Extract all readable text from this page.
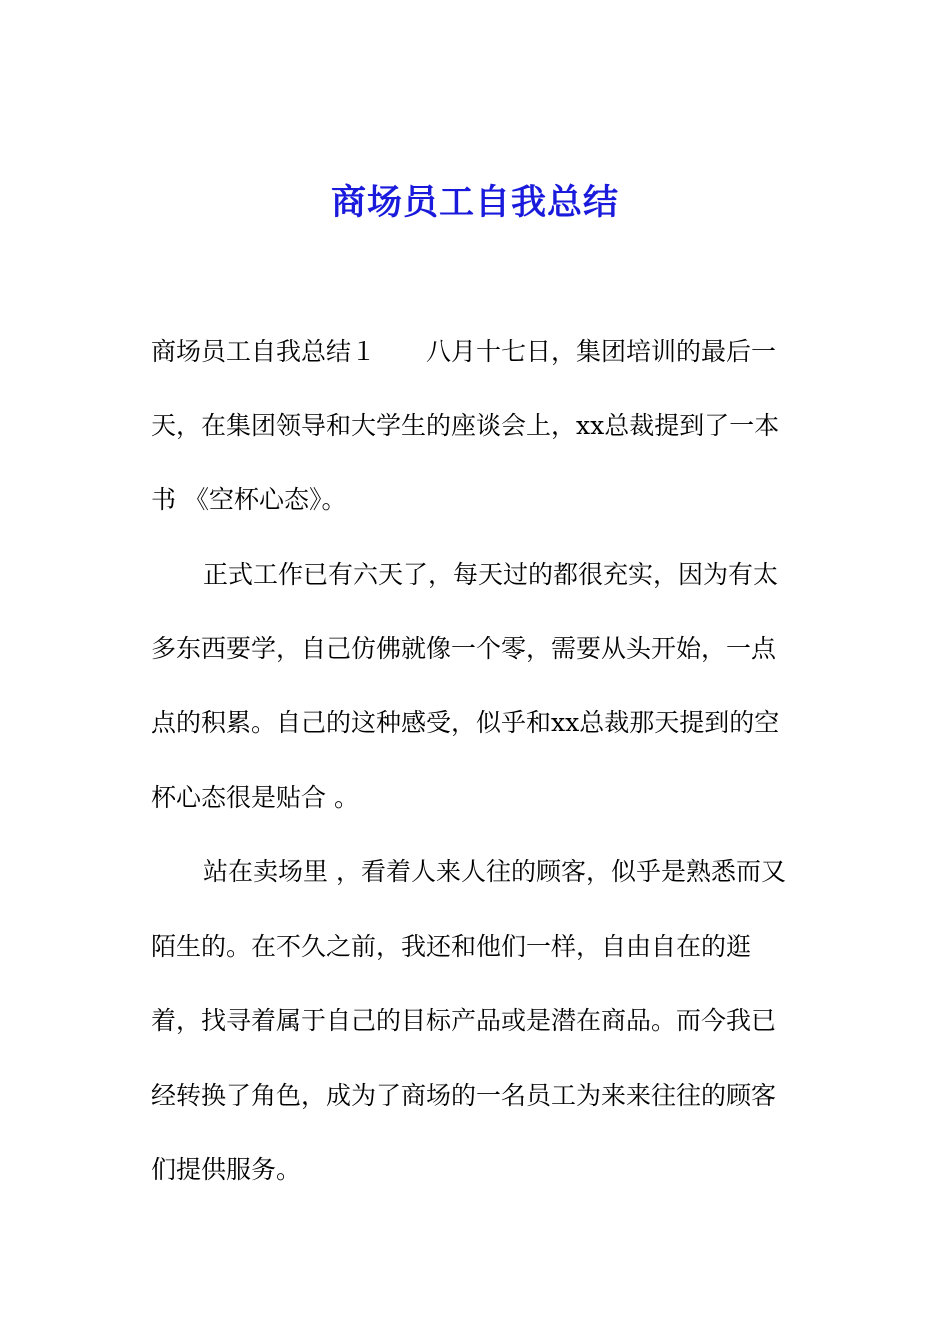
商场员工自我总结
商场员工自我总结１　　八月十七日，集团培训的最后一
天，在集团领导和大学生的座谈会上，xx总裁提到了一本
书 《空杯心态》。
正式工作已有六天了，每天过的都很充实，因为有太
多东西要学，自己仿佛就像一个零，需要从头开始，一点
点的积累。自己的这种感受，似乎和xx总裁那天提到的空
杯心态很是贴合 。
站在卖场里 ，看着人来人往的顾客，似乎是熟悉而又
陌生的。在不久之前，我还和他们一样，自由自在的逛
着，找寻着属于自己的目标产品或是潜在商品。而今我已
经转换了角色，成为了商场的一名员工为来来往往的顾客
们提供服务。
